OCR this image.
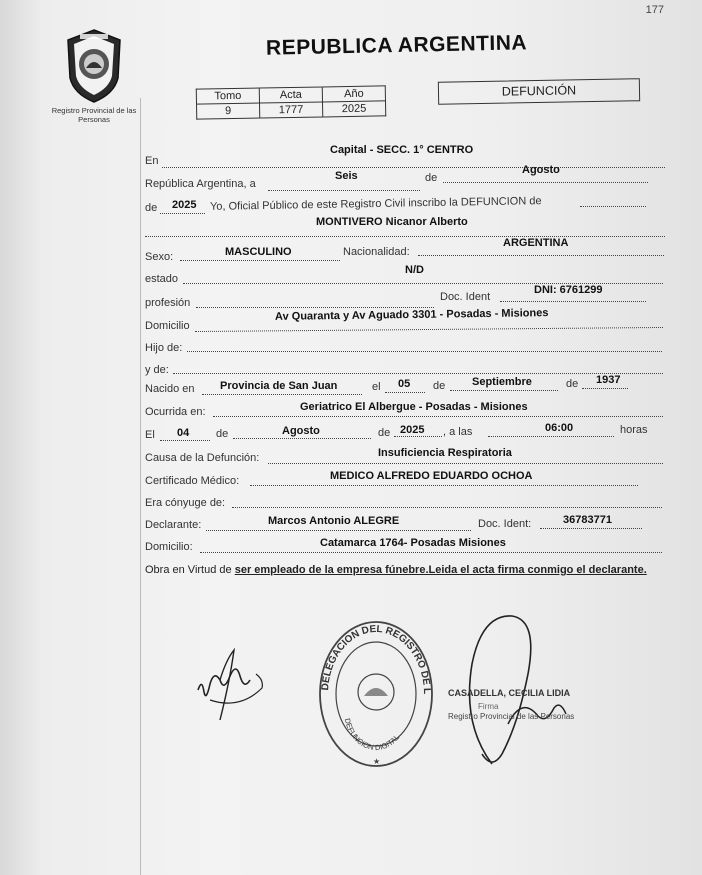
177
Registro Provincial de las Personas
REPUBLICA ARGENTINA
Tomo	Acta	Año
9	1777	2025
DEFUNCIÓN
En
Capital - SECC. 1° CENTRO
República Argentina, a
Seis	de
Agosto
de 2025 Yo, Oficial Público de este Registro Civil inscribo la DEFUNCION de
MONTIVERO Nicanor Alberto
Sexo:	MASCULINO	Nacionalidad:
ARGENTINA
estado
N/D
profesión	Doc. Ident
DNI: 6761299
Domicilio
Av Quaranta y Av Aguado 3301 - Posadas - Misiones
Hijo de:
y de:
Nacido en Provincia de San Juan	el 05 de Septiembre	de 1937
Ocurrida en:	Geriatrico El Albergue - Posadas - Misiones
El 04 de	Agosto	de 2025 , a las	06:00	horas
Causa de la Defunción:	Insuficiencia Respiratoria
Certificado Médico:	MEDICO ALFREDO EDUARDO OCHOA
Era cónyuge de:
Declarante:	Marcos Antonio ALEGRE	Doc. Ident:	36783771
Domicilio:	Catamarca 1764- Posadas Misiones
Obra en Virtud de ser empleado de la empresa fúnebre.Leida el acta firma conmigo el declarante.
DELEGACION DEL REGISTRO DE L
DEFUNCION DIGITAL
★
CASADELLA, CECILIA LIDIA
Firma
Registro Provincial de las Personas
